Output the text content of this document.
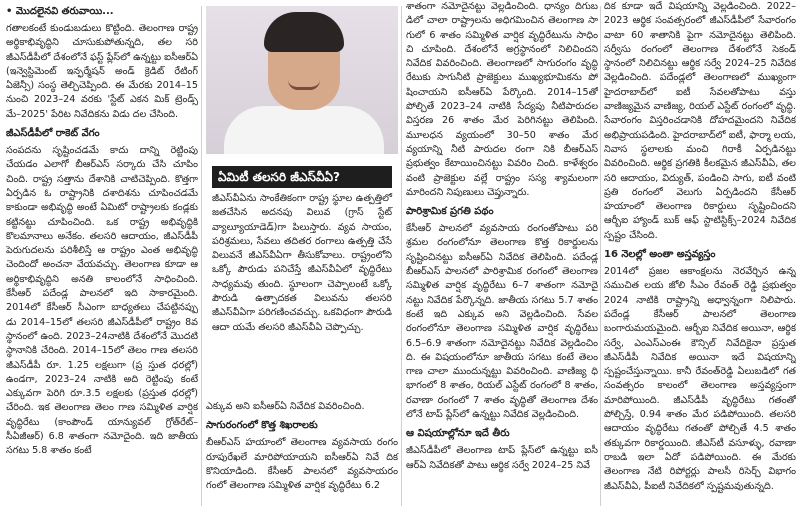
• మొదలైనవి తరువాయి...

గతాలకంటే కుండుబడులు కొట్టింది. తెలంగాణ రాష్ట్ర అర్థికాభివృద్ధిని చూసుకుపోతున్నది, తల సరి జీఎస్‌డీపీలో దేశంలోనే ఫస్ట్ ప్లేస్‌లో ఉన్నట్టు ఐసీఆర్‌ఏ (ఇన్వెస్టిమెంట్ ఇన్ఫర్మేషన్ అండ్ క్రెడిట్ రేటింగ్ ఏజెన్సీ) సంస్థ తెల్చిచెప్పింది. ఈ మేరకు 2014–15 నుంచి 2023–24 వరకు 'స్టేట్ ఎకన మిక్ ట్రెండ్స్ మే–2025' పేరిట నివేదికను విడు దల చేసింది.

జీఎస్‌డీపీలో రాకెట్ వేగం

సంపదను సృష్టించడమే కాదు దాన్ని రెట్టింపు చేయడం ఎలాగో బీఆర్‌ఎస్ సర్కారు చేసి చూపిం చింది. రాష్ట్ర సత్తాను దేశానికి చాటిచెప్పింది. కొత్తగా ఏర్పడిన ఓ రాష్ట్రానికి దశాదిశను చూపించడమే కాకుండా అభివృద్ధి అంటే ఏమిటో రాష్ట్రాలకు కండ్లకు కట్టినట్టు చూపించింది. ఒక రాష్ట్ర అభివృద్ధికి కొలమానాలు అనేకం. తలసరి ఆదాయం, జీఎస్‌డీపీ పెరుగుదలను పరిశీలిస్తే ఆ రాష్ట్రం ఎంత అభివృద్ధి చెందిందో అంచనా వేయవచ్చు. తెలంగాణ కూడా ఆ అర్థికాభివృద్ధిని అనతి కాలంలోనే సాధించింది. కేసీఆర్ పదేండ్ల పాలనలో ఇది సాకారమైంది. 2014లో కేసీఆర్ సీఎంగా బాధ్యతలు చేపట్టినప్పు డు 2014–15లో తలసరి జీఎస్‌డీపీలో రాష్ట్రం 8వ స్థానంలో ఉంది. 2023–24నాటికి దేశంలోనే మొదటి స్థానానికి చేరింది. 2014–15లో తెలం గాణ తలసరి జీఎస్‌డీపీ రూ. 1.25 లక్షలుగా (ప్ర స్తుత ధరల్లో) ఉండగా, 2023–24 నాటికి అది రెట్టింపు కంటే ఎక్కువగా పెరిగి రూ.3.5 లక్షలకు (ప్రస్తుత ధరల్లో) చేరింది. ఇక తెలంగాణ తెలం గాణ సమ్మిళిత వార్షిక వృద్ధిరేటు (కాంపౌండ్ యాన్యువల్ గ్రోత్‌రేట్–సీఏజీఆర్) 6.8 శాతంగా నమోదైంది. ఇది జాతీయ సగటు 5.8 శాతం కంటే

ఏమిటీ తలసరి జీఎస్‌వీఏ?

జీఎస్‌వీఏను సాంకేతికంగా రాష్ట్ర స్థూల ఉత్పత్తిలో జతచేసిన అదనపు విలువ (గ్రాస్ స్టేట్ వ్యాల్యూయాడెడ్)గా పిలుస్తారు. వ్యవ సాయం, పరిశ్రమలు, సేవలు తదితర రంగాలు ఉత్పత్తి చేసే విలువనే జీఎస్‌వీఏగా తీసుకోవాలు. రాష్ట్రంలోని ఒక్కో పౌరుడు పనిచేస్తే జీఎస్‌వీఏలో వృద్ధిరేటు సాధ్యమవు తుంది. స్థూలంగా చెప్పాలంటే ఒక్కో పౌరుడి ఉత్పాదకత విలువను తలసరి జీఎస్‌వీఏగా పరిగణించవచ్చు. ఒకవిధంగా పౌరుడి ఆదా యమే తలసరి జీఎస్‌వీఏ చెప్పొచ్చు.

ఎక్కువ అని ఐసీఆర్‌ఏ నివేదిక వివరించింది.

సాగురంగంలో కొత్త శిఖరాలకు

బీఆర్‌ఎస్ హయాంలో తెలంగాణ వ్యవసాయ రంగం రూపురేఖలే మారిపోయాయని ఐసీఆర్‌ఏ నివే దిక కొనియాడింది. కేసీఆర్ పాలనలో వ్యవసాయరం గంలో తెలంగాణ సమ్మిళిత వార్షిక వృద్ధిరేటు 6.2

శాతంగా నమోదైనట్టు వెల్లడించింది. ధాన్యం దిగుబ డిలో చాలా రాష్ట్రాలను అధిగమించిన తెలంగాణ సా గులో 6 శాతం సమ్మిళిత వార్షిక వృద్ధిరేటును సాధిం చి చూపింది. దేశంలోనే అగ్రస్థానంలో నిలిచిందని నివేదిక వివరించింది. తెలంగాణలో సాగురంగం వృద్ధి రేటుకు సాగునీటి ప్రాజెక్టులు ముఖ్యభూమికను పో షించాయని ఐసీఆర్‌ఏ పేర్కొంది. 2014–15తో పోల్చితే 2023–24 నాటికి సేద్యపు నీటిపారుదల విస్తరణ 26 శాతం మేర పెరిగినట్టు తెలిపింది. మూలధన వ్యయంలో 30–50 శాతం మేర వ్యయాన్ని నీటి పారుదల రంగా నికి బీఆర్‌ఎస్ ప్రభుత్వం కేటాయించినట్టు వివరిం చింది. కాళేశ్వరం వంటి ప్రాజెక్టుల వల్లే రాష్ట్రం సస్య శ్యామలంగా మారిందని నిపుణులు చెప్తున్నారు.

పారిశ్రామిక ప్రగతి పథం

కేసీఆర్ పాలనలో వ్యవసాయ రంగంతోపాటు పరి శ్రమల రంగంలోనూ తెలంగాణ కొత్త రికార్డులను సృష్టించినట్టు ఐసీఆర్‌ఏ నివేదిక తెలిపింది. పదేండ్ల బీఆర్‌ఎస్ పాలనలో పారిశ్రామిక రంగంలో తెలంగాణ సమ్మిళిత వార్షిక వృద్ధిరేటు 6–7 శాతంగా నమోదై నట్టు నివేదిక పేర్కొన్నది. జాతీయ సగటు 5.7 శాతం కంటే ఇది ఎక్కువ అని వెల్లడించింది. సేవల రంగంలోనూ తెలంగాణ సమ్మిళిత వార్షిక వృద్ధిరేటు 6.5–6.9 శాతంగా నమోదైనట్టు నివేదిక వెల్లడించిం ది. ఈ విషయంలోనూ జాతీయ సగటు కంటే తెలం గాణ చాలా ముందున్నట్టు వివరించింది. వాణిజ్య ధి భాగంలో 8 శాతం, రియల్ ఎస్టేట్ రంగంలో 8 శాతం, రవాణా రంగంలో 7 శాతం వృద్ధితో తెలంగాణ దేశం లోనే టాప్ ప్లేస్‌లో ఉన్నట్టు నివేదిక వెల్లడించింది.

ఆ విషయాల్లోనూ ఇదే తీరు

జీఎస్‌డీపీలో తెలంగాణ టాప్ ప్లేస్‌లో ఉన్నట్టు ఐసీ ఆర్‌ఏ నివేదికతో పాటు ఆర్థిక సర్వే 2024–25 నివే

దిక కూడా ఇదే విషయాన్ని వెల్లడించింది. 2022– 2023 ఆర్థిక సంవత్సరంలో జీఎస్‌డీపీలో సేవారంగం వాటా 60 శాతానికి పైగా నమోదైనట్టు తెలిపింది. సర్వీసు రంగంలో తెలంగాణ దేశంలోనే సెకండ్ స్థానంలో నిలిచినట్టు ఆర్థిక సర్వే 2024–25 నివేదిక వెల్లడించింది. పదేండ్లలో తెలంగాణలో ముఖ్యంగా హైదరాబాద్‌లో ఐటీ సేవలతోపాటు వస్తు వాణిజ్యమైన వాణిజ్య, రియల్ ఎస్టేట్ రంగంలో వృద్ధి. సేవారంగం విస్తరించడానికి దోహదమైందని నివేదిక అభిప్రాయపడింది. హైదరాబాద్‌లో ఐటీ, ఫార్మా లయ, నివాస స్థలాలకు మంచి గిరాకీ ఏర్పడినట్టు వివరించింది. ఆర్థిక ప్రగతికి కీలకమైన జీఎస్‌వీఏ, తల సరి ఆదాయం, విద్యుత్, పండించి సాగు, ఐటీ వంటి ప్రతి రంగంలో వెలుగు ఏర్పడిందని కేసీఆర్ హయాంలో తెలంగాణ రికార్డులు సృష్టించిందని ఆర్బీఐ హ్యాండ్ బుక్ ఆఫ్ స్టాటిస్టిక్స్–2024 నివేదిక స్పష్టం చేసింది.

16 నెలల్లో అంతా అస్తవ్యస్తం

2014లో ప్రజల ఆకాంక్షలను నెరవేర్చిన ఉన్న సముచిత లయ జోలి సీఎం రేవంత్ రెడ్డి ప్రభుత్వం 2024 నాటికి రాష్ట్రాన్ని అధ్వాన్నంగా నిలిపారు. పదేండ్ల కేసీఆర్ పాలనలో తెలంగాణ బంగారుమయమైంది. ఆర్బీఐ నివేదిక అయినా, ఆర్థిక సర్వే, ఎంఎస్‌ఎంఈ కౌన్సిల్ నివేదికైనా ప్రస్తుత జీఎస్‌డీపీ నివేదిక అయినా ఇదే విషయాన్ని స్పష్టంచేస్తున్నాయి. కానీ రేవంత్‌రెడ్డి ఏలుబడిలో గత సంవత్సరం కాలంలో తెలంగాణ అస్తవ్యస్తంగా మారిపోయింది. జీఎస్‌డీపీ వృద్ధిరేటు గతంతో పోల్చిస్తే, 0.94 శాతం మేర పడిపోయింది. తలసరి ఆదాయం వృద్ధిరేటు గతంతో పోల్చితే 4.5 శాతం తక్కువగా రికార్డయింది. జీఎస్‌టీ వసూళ్ళు, రవాణా రాబడి ఇలా ఏదో పడిపోయింది. ఈ మేరకు తెలంగాణ నేటి రిపోర్టర్లు పాలసీ రిసెర్చ్ విభాగం జీఎస్‌వీఏ, పీఐటీ నివేదికలో స్పష్టమవుతున్నది.
